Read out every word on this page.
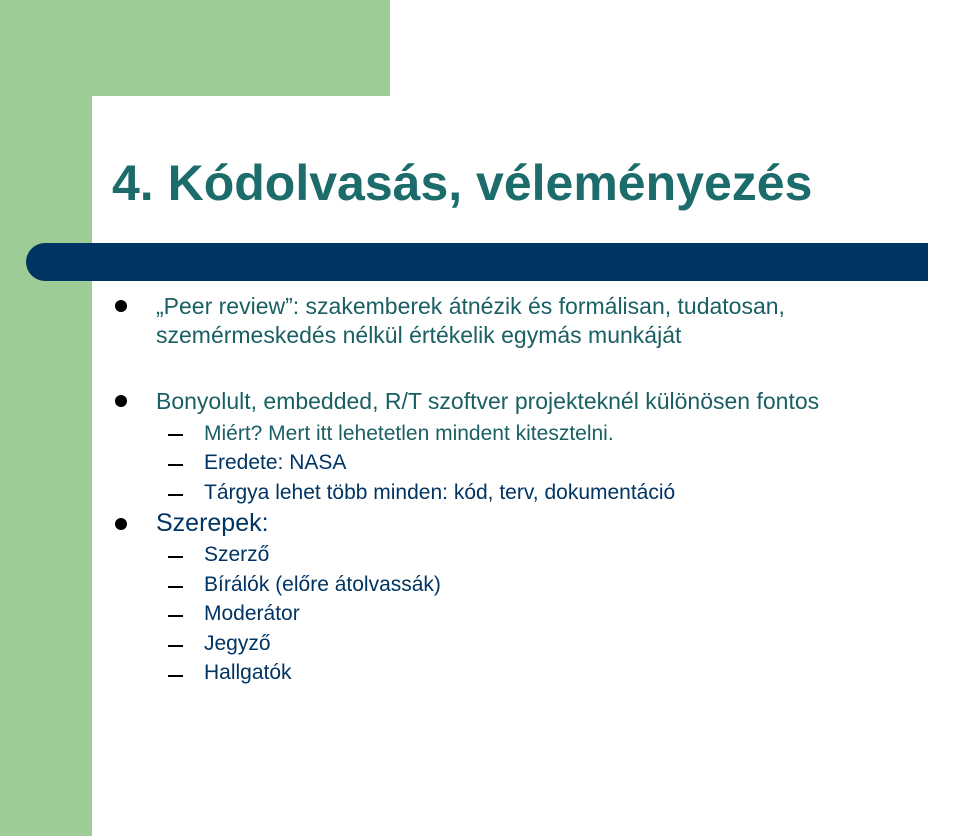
4. Kódolvasás, véleményezés
„Peer review”: szakemberek átnézik és formálisan, tudatosan,
szemérmeskedés nélkül értékelik egymás munkáját
Bonyolult, embedded, R/T szoftver projekteknél különösen fontos
Miért? Mert itt lehetetlen mindent kitesztelni.
Eredete: NASA
Tárgya lehet több minden: kód, terv, dokumentáció
Szerepek:
Szerző
Bírálók (előre átolvassák)
Moderátor
Jegyző
Hallgatók
